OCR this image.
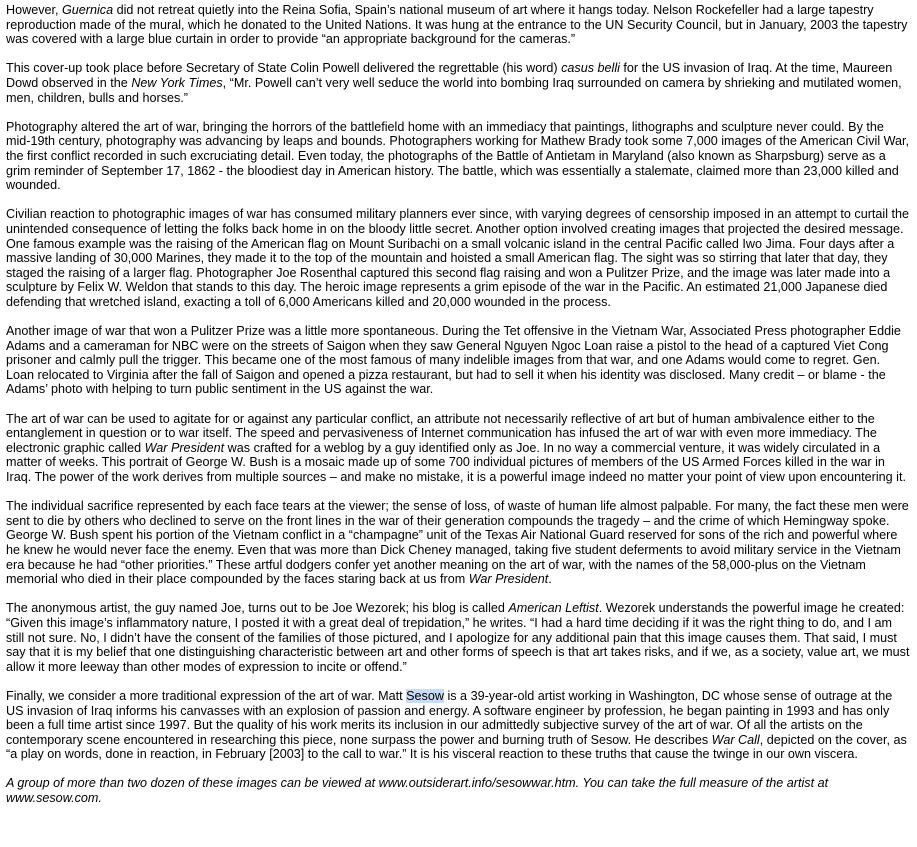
However, Guernica did not retreat quietly into the Reina Sofia, Spain’s national museum of art where it hangs today. Nelson Rockefeller had a large tapestry reproduction made of the mural, which he donated to the United Nations. It was hung at the entrance to the UN Security Council, but in January, 2003 the tapestry was covered with a large blue curtain in order to provide “an appropriate background for the cameras.”

This cover-up took place before Secretary of State Colin Powell delivered the regrettable (his word) casus belli for the US invasion of Iraq. At the time, Maureen Dowd observed in the New York Times, “Mr. Powell can’t very well seduce the world into bombing Iraq surrounded on camera by shrieking and mutilated women, men, children, bulls and horses.”

Photography altered the art of war, bringing the horrors of the battlefield home with an immediacy that paintings, lithographs and sculpture never could. By the mid-19th century, photography was advancing by leaps and bounds. Photographers working for Mathew Brady took some 7,000 images of the American Civil War, the first conflict recorded in such excruciating detail. Even today, the photographs of the Battle of Antietam in Maryland (also known as Sharpsburg) serve as a grim reminder of September 17, 1862 - the bloodiest day in American history. The battle, which was essentially a stalemate, claimed more than 23,000 killed and wounded.

Civilian reaction to photographic images of war has consumed military planners ever since, with varying degrees of censorship imposed in an attempt to curtail the unintended consequence of letting the folks back home in on the bloody little secret. Another option involved creating images that projected the desired message. One famous example was the raising of the American flag on Mount Suribachi on a small volcanic island in the central Pacific called Iwo Jima. Four days after a massive landing of 30,000 Marines, they made it to the top of the mountain and hoisted a small American flag. The sight was so stirring that later that day, they staged the raising of a larger flag. Photographer Joe Rosenthal captured this second flag raising and won a Pulitzer Prize, and the image was later made into a sculpture by Felix W. Weldon that stands to this day. The heroic image represents a grim episode of the war in the Pacific. An estimated 21,000 Japanese died defending that wretched island, exacting a toll of 6,000 Americans killed and 20,000 wounded in the process.

Another image of war that won a Pulitzer Prize was a little more spontaneous. During the Tet offensive in the Vietnam War, Associated Press photographer Eddie Adams and a cameraman for NBC were on the streets of Saigon when they saw General Nguyen Ngoc Loan raise a pistol to the head of a captured Viet Cong prisoner and calmly pull the trigger. This became one of the most famous of many indelible images from that war, and one Adams would come to regret. Gen. Loan relocated to Virginia after the fall of Saigon and opened a pizza restaurant, but had to sell it when his identity was disclosed. Many credit – or blame - the Adams’ photo with helping to turn public sentiment in the US against the war.

The art of war can be used to agitate for or against any particular conflict, an attribute not necessarily reflective of art but of human ambivalence either to the entanglement in question or to war itself. The speed and pervasiveness of Internet communication has infused the art of war with even more immediacy. The electronic graphic called War President was crafted for a weblog by a guy identified only as Joe. In no way a commercial venture, it was widely circulated in a matter of weeks. This portrait of George W. Bush is a mosaic made up of some 700 individual pictures of members of the US Armed Forces killed in the war in Iraq. The power of the work derives from multiple sources – and make no mistake, it is a powerful image indeed no matter your point of view upon encountering it.

The individual sacrifice represented by each face tears at the viewer; the sense of loss, of waste of human life almost palpable. For many, the fact these men were sent to die by others who declined to serve on the front lines in the war of their generation compounds the tragedy – and the crime of which Hemingway spoke. George W. Bush spent his portion of the Vietnam conflict in a “champagne” unit of the Texas Air National Guard reserved for sons of the rich and powerful where he knew he would never face the enemy. Even that was more than Dick Cheney managed, taking five student deferments to avoid military service in the Vietnam era because he had “other priorities.” These artful dodgers confer yet another meaning on the art of war, with the names of the 58,000-plus on the Vietnam memorial who died in their place compounded by the faces staring back at us from War President.

The anonymous artist, the guy named Joe, turns out to be Joe Wezorek; his blog is called American Leftist. Wezorek understands the powerful image he created: “Given this image’s inflammatory nature, I posted it with a great deal of trepidation,” he writes. “I had a hard time deciding if it was the right thing to do, and I am still not sure. No, I didn’t have the consent of the families of those pictured, and I apologize for any additional pain that this image causes them. That said, I must say that it is my belief that one distinguishing characteristic between art and other forms of speech is that art takes risks, and if we, as a society, value art, we must allow it more leeway than other modes of expression to incite or offend.”

Finally, we consider a more traditional expression of the art of war. Matt Sesow is a 39-year-old artist working in Washington, DC whose sense of outrage at the US invasion of Iraq informs his canvasses with an explosion of passion and energy. A software engineer by profession, he began painting in 1993 and has only been a full time artist since 1997. But the quality of his work merits its inclusion in our admittedly subjective survey of the art of war. Of all the artists on the contemporary scene encountered in researching this piece, none surpass the power and burning truth of Sesow. He describes War Call, depicted on the cover, as “a play on words, done in reaction, in February [2003] to the call to war.” It is his visceral reaction to these truths that cause the twinge in our own viscera.

A group of more than two dozen of these images can be viewed at www.outsiderart.info/sesowwar.htm. You can take the full measure of the artist at www.sesow.com.
